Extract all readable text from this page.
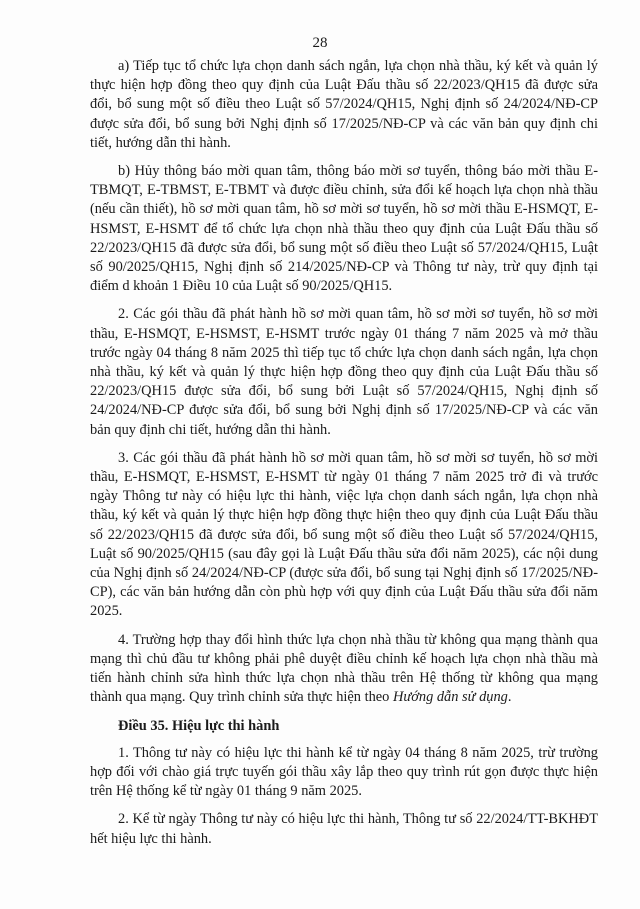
28

a) Tiếp tục tổ chức lựa chọn danh sách ngắn, lựa chọn nhà thầu, ký kết và quản lý thực hiện hợp đồng theo quy định của Luật Đấu thầu số 22/2023/QH15 đã được sửa đổi, bổ sung một số điều theo Luật số 57/2024/QH15, Nghị định số 24/2024/NĐ-CP được sửa đổi, bổ sung bởi Nghị định số 17/2025/NĐ-CP và các văn bản quy định chi tiết, hướng dẫn thi hành.

b) Hủy thông báo mời quan tâm, thông báo mời sơ tuyển, thông báo mời thầu E-TBMQT, E-TBMST, E-TBMT và được điều chỉnh, sửa đổi kế hoạch lựa chọn nhà thầu (nếu cần thiết), hồ sơ mời quan tâm, hồ sơ mời sơ tuyển, hồ sơ mời thầu E-HSMQT, E-HSMST, E-HSMT để tổ chức lựa chọn nhà thầu theo quy định của Luật Đấu thầu số 22/2023/QH15 đã được sửa đổi, bổ sung một số điều theo Luật số 57/2024/QH15, Luật số 90/2025/QH15, Nghị định số 214/2025/NĐ-CP và Thông tư này, trừ quy định tại điểm d khoản 1 Điều 10 của Luật số 90/2025/QH15.

2. Các gói thầu đã phát hành hồ sơ mời quan tâm, hồ sơ mời sơ tuyển, hồ sơ mời thầu, E-HSMQT, E-HSMST, E-HSMT trước ngày 01 tháng 7 năm 2025 và mở thầu trước ngày 04 tháng 8 năm 2025 thì tiếp tục tổ chức lựa chọn danh sách ngắn, lựa chọn nhà thầu, ký kết và quản lý thực hiện hợp đồng theo quy định của Luật Đấu thầu số 22/2023/QH15 được sửa đổi, bổ sung bởi Luật số 57/2024/QH15, Nghị định số 24/2024/NĐ-CP được sửa đổi, bổ sung bởi Nghị định số 17/2025/NĐ-CP và các văn bản quy định chi tiết, hướng dẫn thi hành.

3. Các gói thầu đã phát hành hồ sơ mời quan tâm, hồ sơ mời sơ tuyển, hồ sơ mời thầu, E-HSMQT, E-HSMST, E-HSMT từ ngày 01 tháng 7 năm 2025 trở đi và trước ngày Thông tư này có hiệu lực thi hành, việc lựa chọn danh sách ngắn, lựa chọn nhà thầu, ký kết và quản lý thực hiện hợp đồng thực hiện theo quy định của Luật Đấu thầu số 22/2023/QH15 đã được sửa đổi, bổ sung một số điều theo Luật số 57/2024/QH15, Luật số 90/2025/QH15 (sau đây gọi là Luật Đấu thầu sửa đổi năm 2025), các nội dung của Nghị định số 24/2024/NĐ-CP (được sửa đổi, bổ sung tại Nghị định số 17/2025/NĐ-CP), các văn bản hướng dẫn còn phù hợp với quy định của Luật Đấu thầu sửa đổi năm 2025.

4. Trường hợp thay đổi hình thức lựa chọn nhà thầu từ không qua mạng thành qua mạng thì chủ đầu tư không phải phê duyệt điều chỉnh kế hoạch lựa chọn nhà thầu mà tiến hành chỉnh sửa hình thức lựa chọn nhà thầu trên Hệ thống từ không qua mạng thành qua mạng. Quy trình chỉnh sửa thực hiện theo Hướng dẫn sử dụng.

Điều 35. Hiệu lực thi hành

1. Thông tư này có hiệu lực thi hành kể từ ngày 04 tháng 8 năm 2025, trừ trường hợp đối với chào giá trực tuyến gói thầu xây lắp theo quy trình rút gọn được thực hiện trên Hệ thống kể từ ngày 01 tháng 9 năm 2025.

2. Kể từ ngày Thông tư này có hiệu lực thi hành, Thông tư số 22/2024/TT-BKHĐT hết hiệu lực thi hành.
